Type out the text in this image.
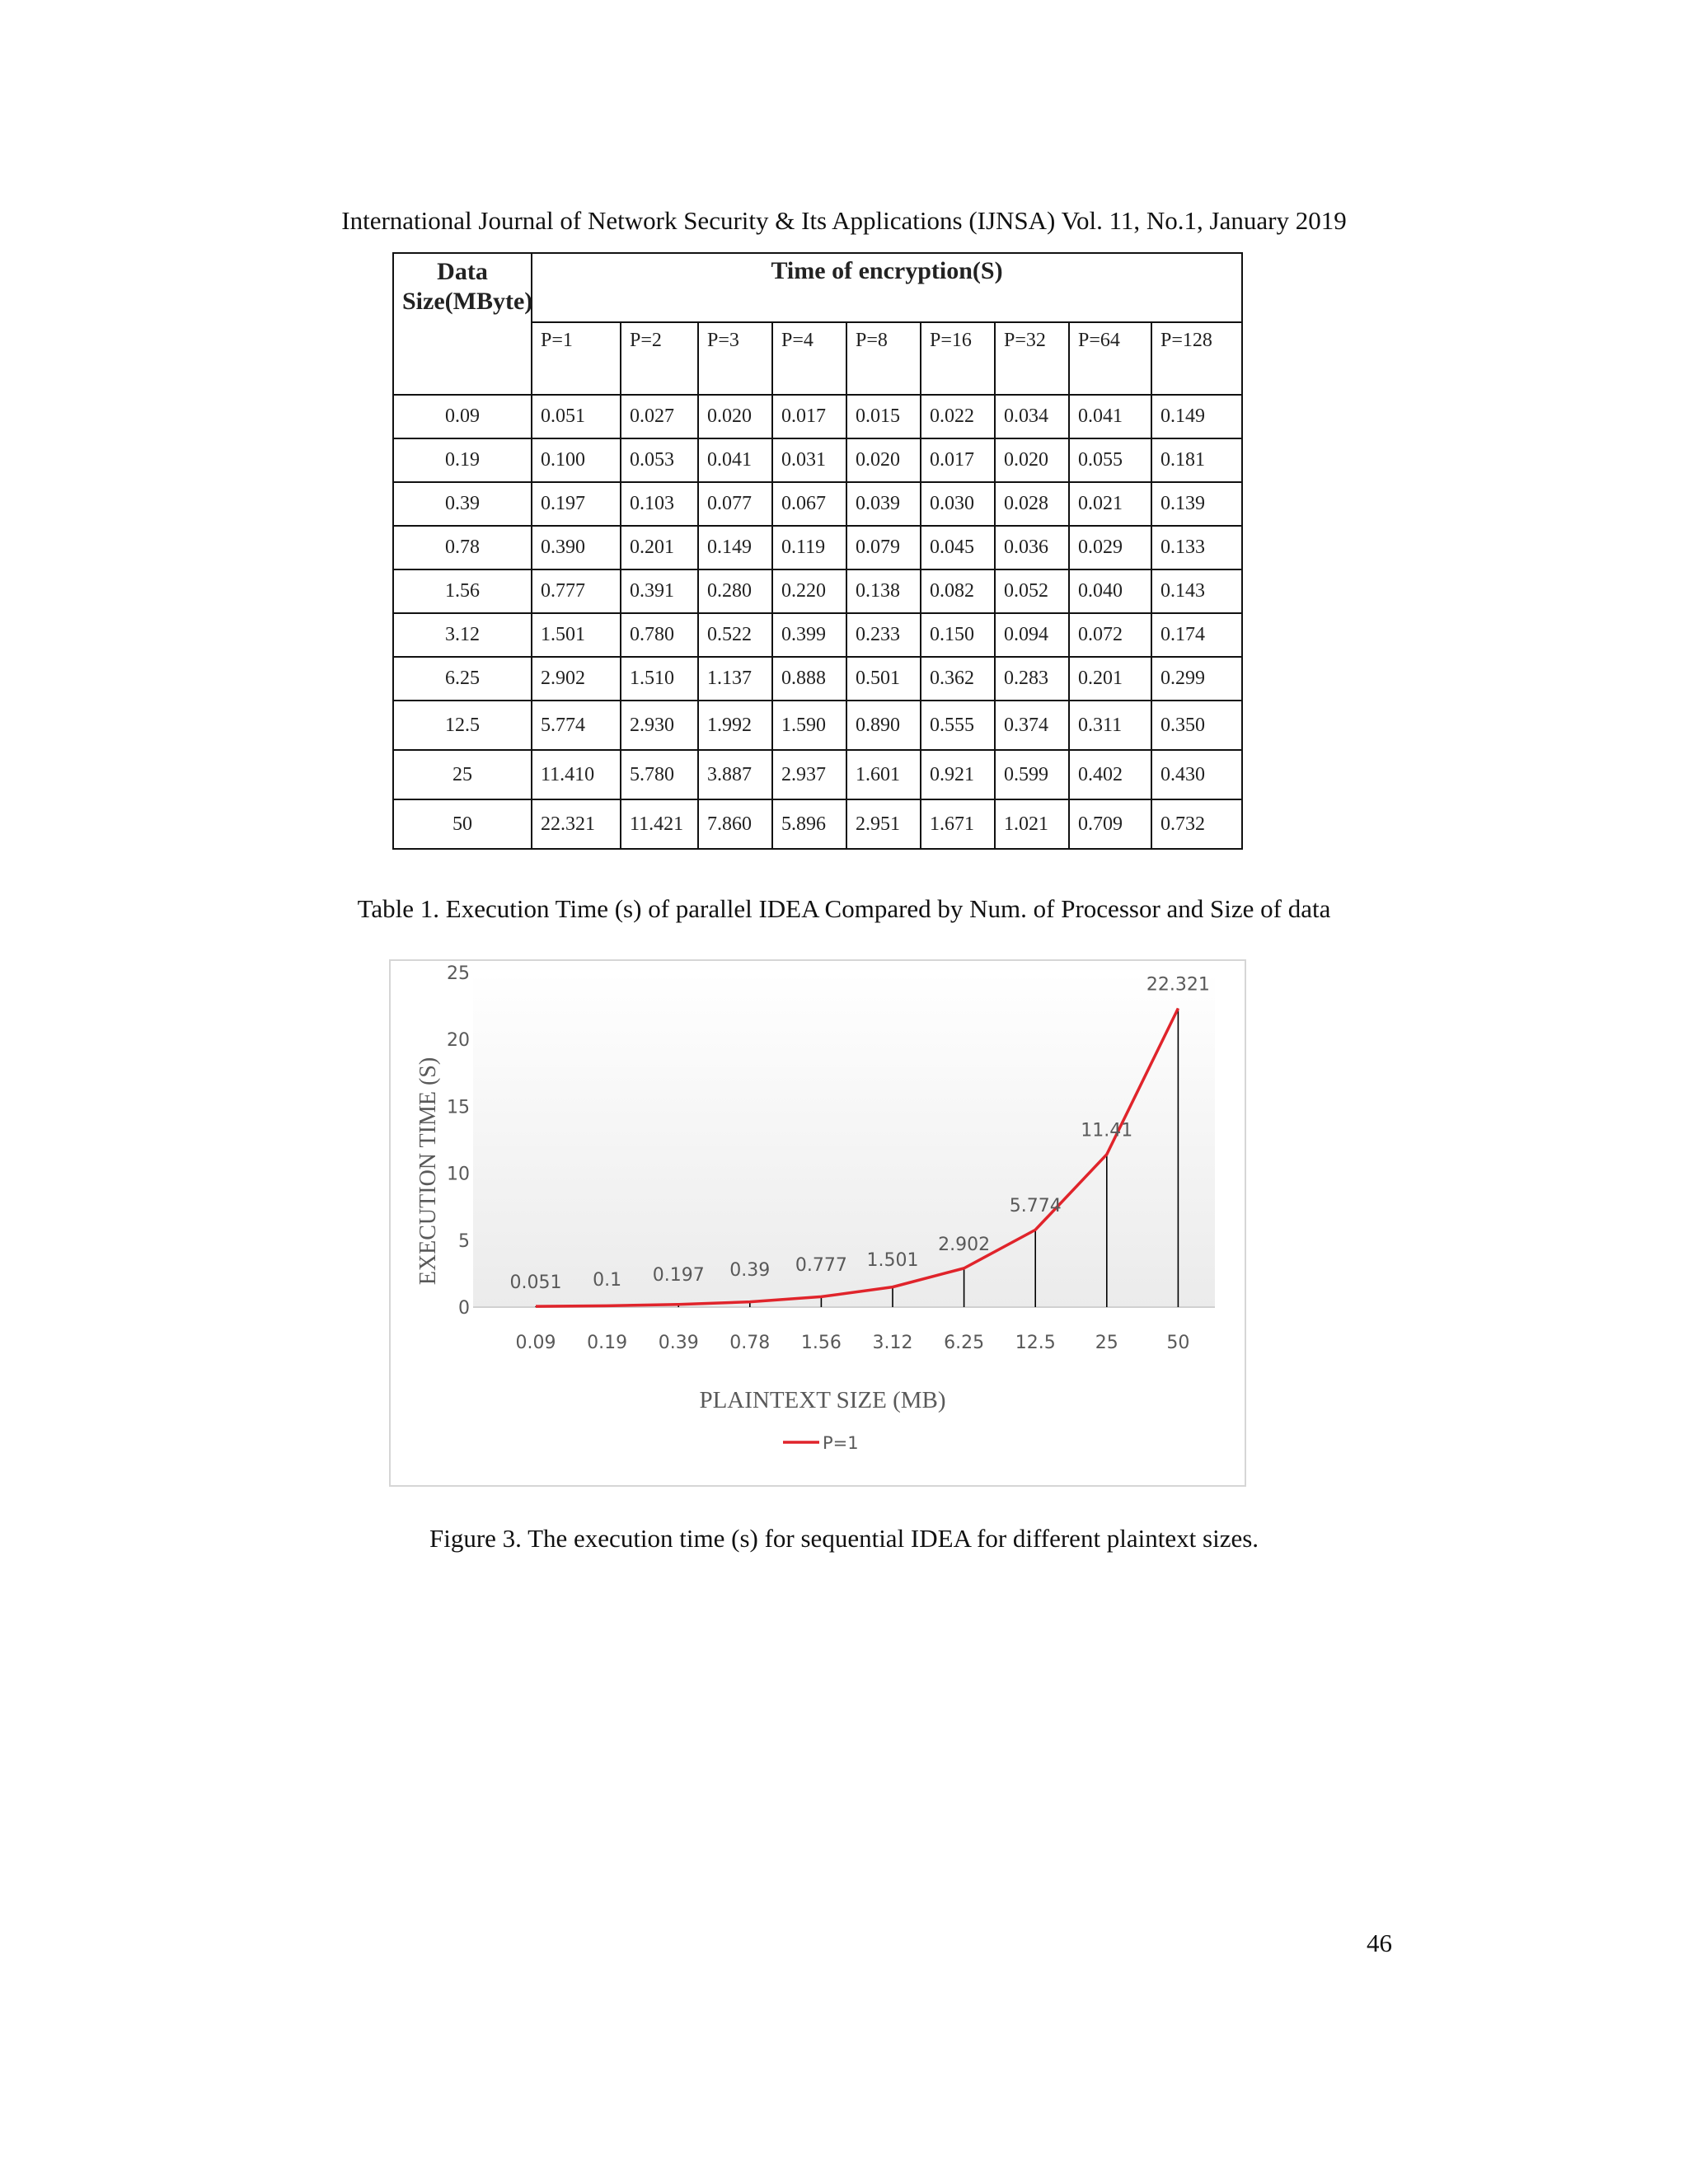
International Journal of Network Security & Its Applications (IJNSA) Vol. 11, No.1, January 2019
Data
Size(MByte)	Time of encryption(S)								
	P=1	P=2	P=3	P=4	P=8	P=16	P=32	P=64	P=128
0.09	0.051	0.027	0.020	0.017	0.015	0.022	0.034	0.041	0.149
0.19	0.100	0.053	0.041	0.031	0.020	0.017	0.020	0.055	0.181
0.39	0.197	0.103	0.077	0.067	0.039	0.030	0.028	0.021	0.139
0.78	0.390	0.201	0.149	0.119	0.079	0.045	0.036	0.029	0.133
1.56	0.777	0.391	0.280	0.220	0.138	0.082	0.052	0.040	0.143
3.12	1.501	0.780	0.522	0.399	0.233	0.150	0.094	0.072	0.174
6.25	2.902	1.510	1.137	0.888	0.501	0.362	0.283	0.201	0.299
12.5	5.774	2.930	1.992	1.590	0.890	0.555	0.374	0.311	0.350
25	11.410	5.780	3.887	2.937	1.601	0.921	0.599	0.402	0.430
50	22.321	11.421	7.860	5.896	2.951	1.671	1.021	0.709	0.732
Table 1. Execution Time (s) of parallel IDEA Compared by Num. of Processor and Size of data
0
5
10
15
20
25
0.09 0.19 0.39 0.78 1.56 3.12 6.25 12.5 25	50
0.051 0.1 0.197 0.39 0.777 1.501
2.902
5.774
11.41
22.321
EXECUTION TIME (S)
PLAINTEXT SIZE (MB)
P=1
Figure 3. The execution time (s) for sequential IDEA for different plaintext sizes.
46
